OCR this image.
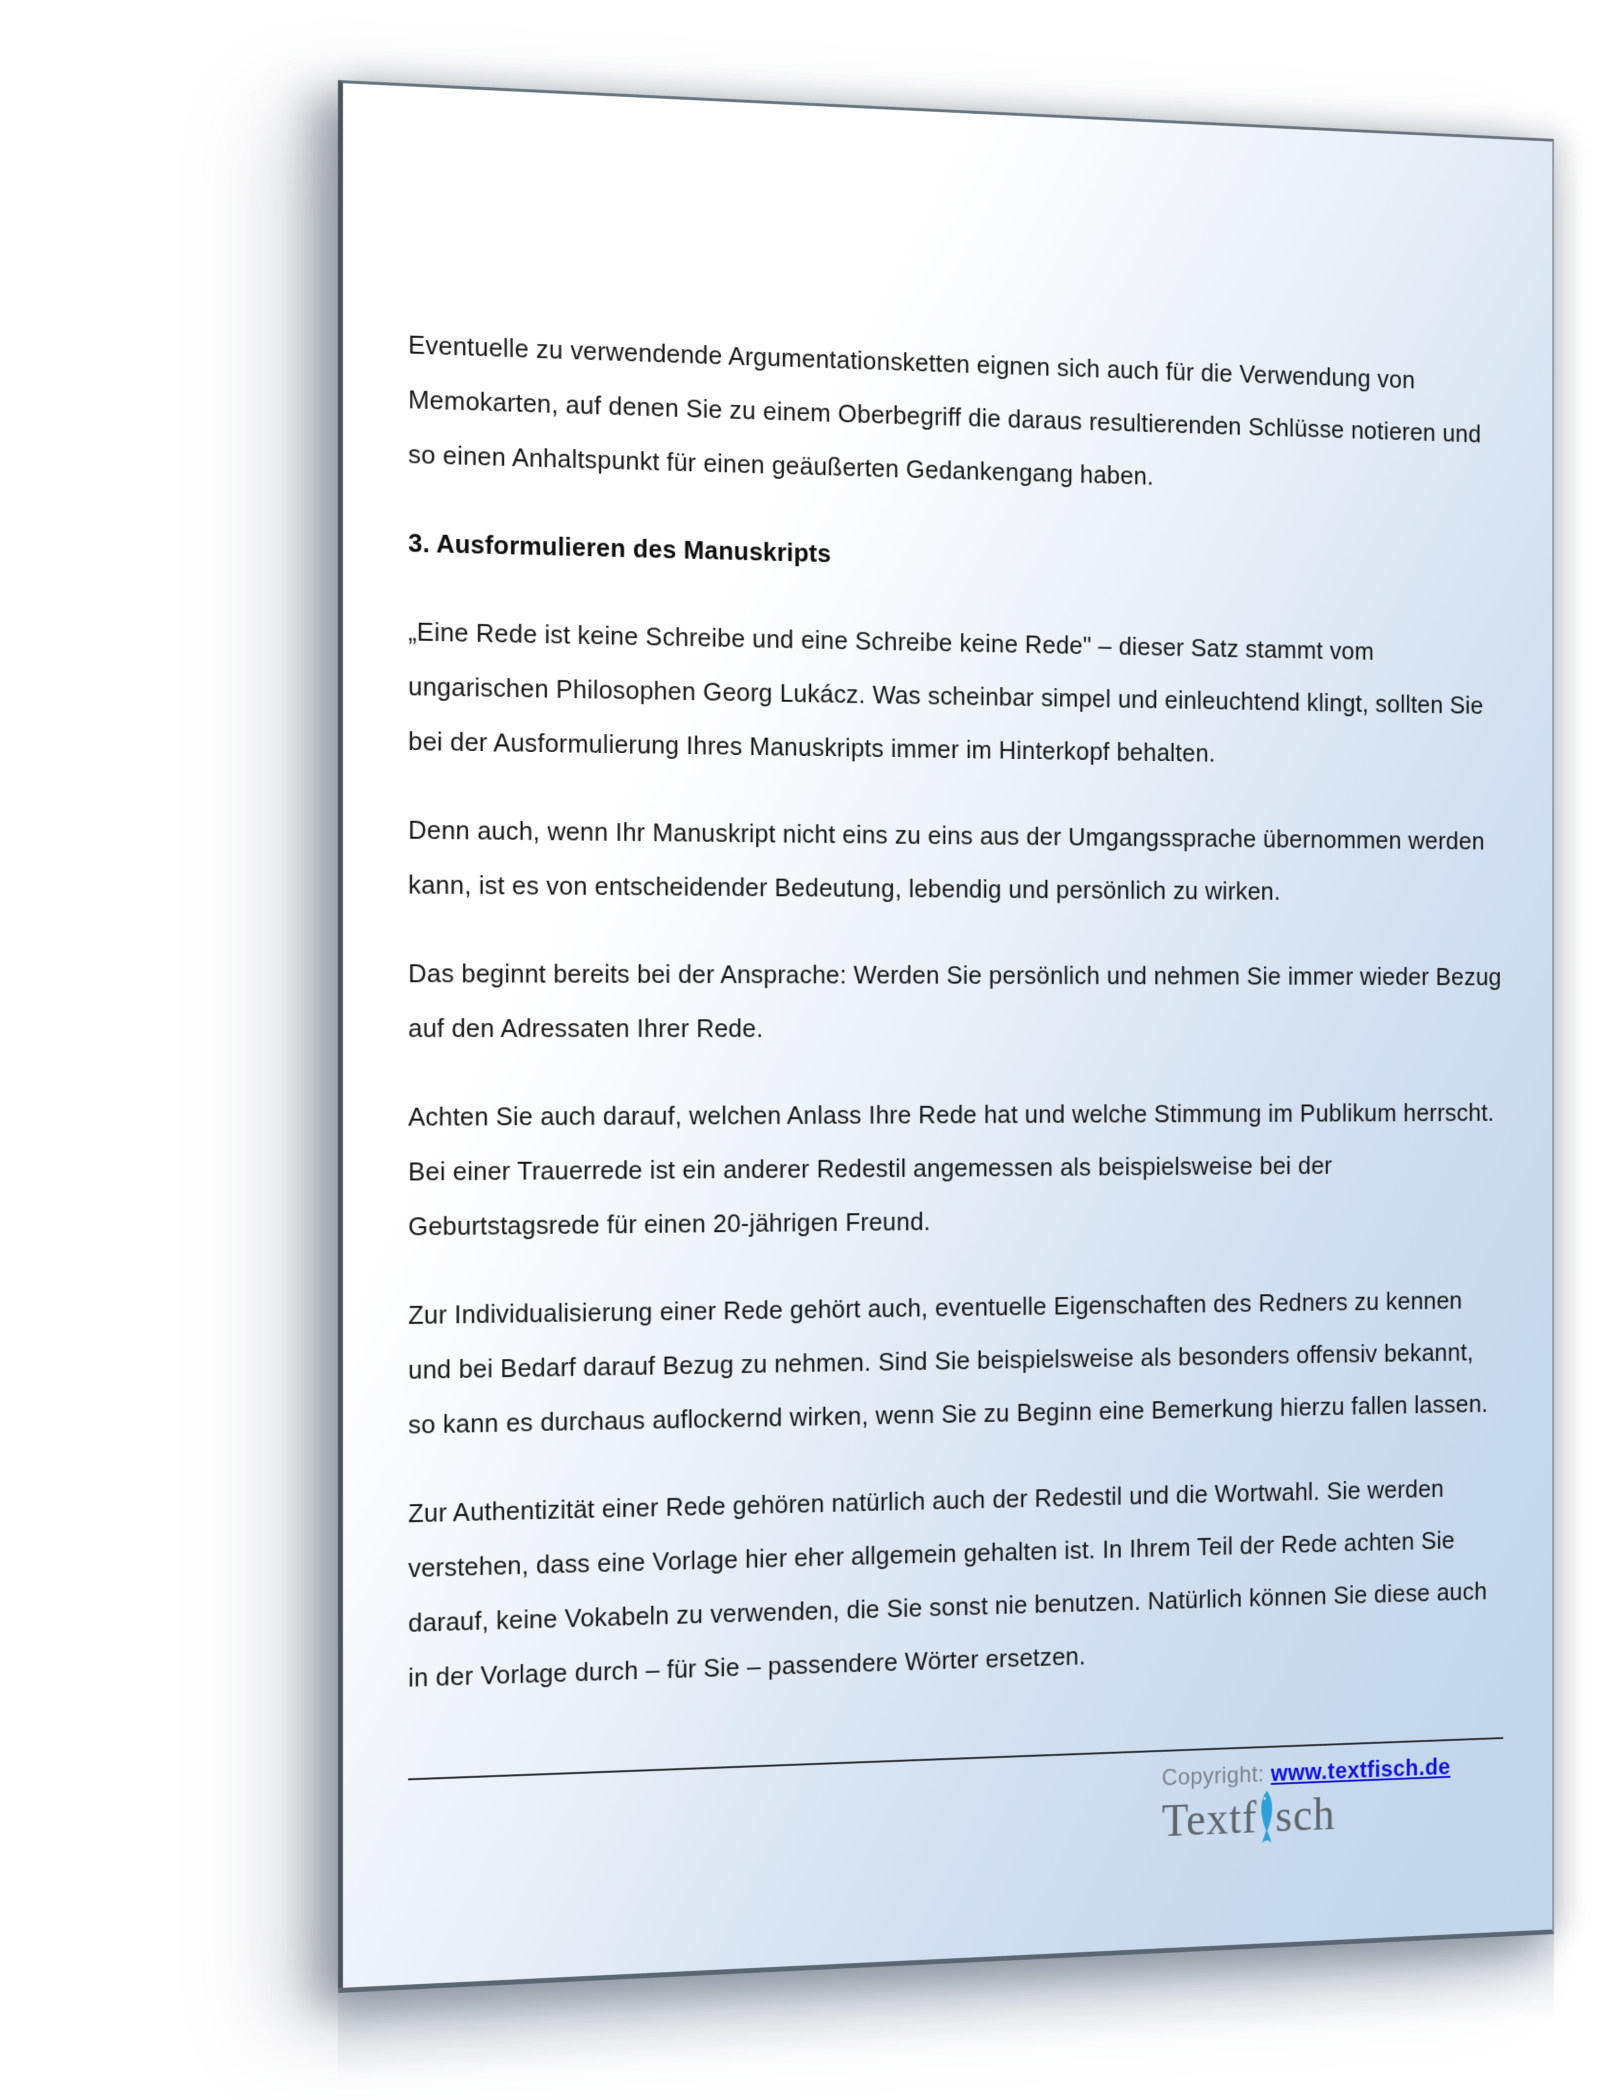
Eventuelle zu verwendende Argumentationsketten eignen sich auch für die Verwendung von Memokarten, auf denen Sie zu einem Oberbegriff die daraus resultierenden Schlüsse notieren und so einen Anhaltspunkt für einen geäußerten Gedankengang haben.

3. Ausformulieren des Manuskripts

„Eine Rede ist keine Schreibe und eine Schreibe keine Rede" – dieser Satz stammt vom ungarischen Philosophen Georg Lukácz. Was scheinbar simpel und einleuchtend klingt, sollten Sie bei der Ausformulierung Ihres Manuskripts immer im Hinterkopf behalten.

Denn auch, wenn Ihr Manuskript nicht eins zu eins aus der Umgangssprache übernommen werden kann, ist es von entscheidender Bedeutung, lebendig und persönlich zu wirken.

Das beginnt bereits bei der Ansprache: Werden Sie persönlich und nehmen Sie immer wieder Bezug auf den Adressaten Ihrer Rede.

Achten Sie auch darauf, welchen Anlass Ihre Rede hat und welche Stimmung im Publikum herrscht. Bei einer Trauerrede ist ein anderer Redestil angemessen als beispielsweise bei der Geburtstagsrede für einen 20-jährigen Freund.

Zur Individualisierung einer Rede gehört auch, eventuelle Eigenschaften des Redners zu kennen und bei Bedarf darauf Bezug zu nehmen. Sind Sie beispielsweise als besonders offensiv bekannt, so kann es durchaus auflockernd wirken, wenn Sie zu Beginn eine Bemerkung hierzu fallen lassen.

Zur Authentizität einer Rede gehören natürlich auch der Redestil und die Wortwahl. Sie werden verstehen, dass eine Vorlage hier eher allgemein gehalten ist. In Ihrem Teil der Rede achten Sie darauf, keine Vokabeln zu verwenden, die Sie sonst nie benutzen. Natürlich können Sie diese auch in der Vorlage durch – für Sie – passendere Wörter ersetzen.

Copyright: www.textfisch.de
Textf sch
